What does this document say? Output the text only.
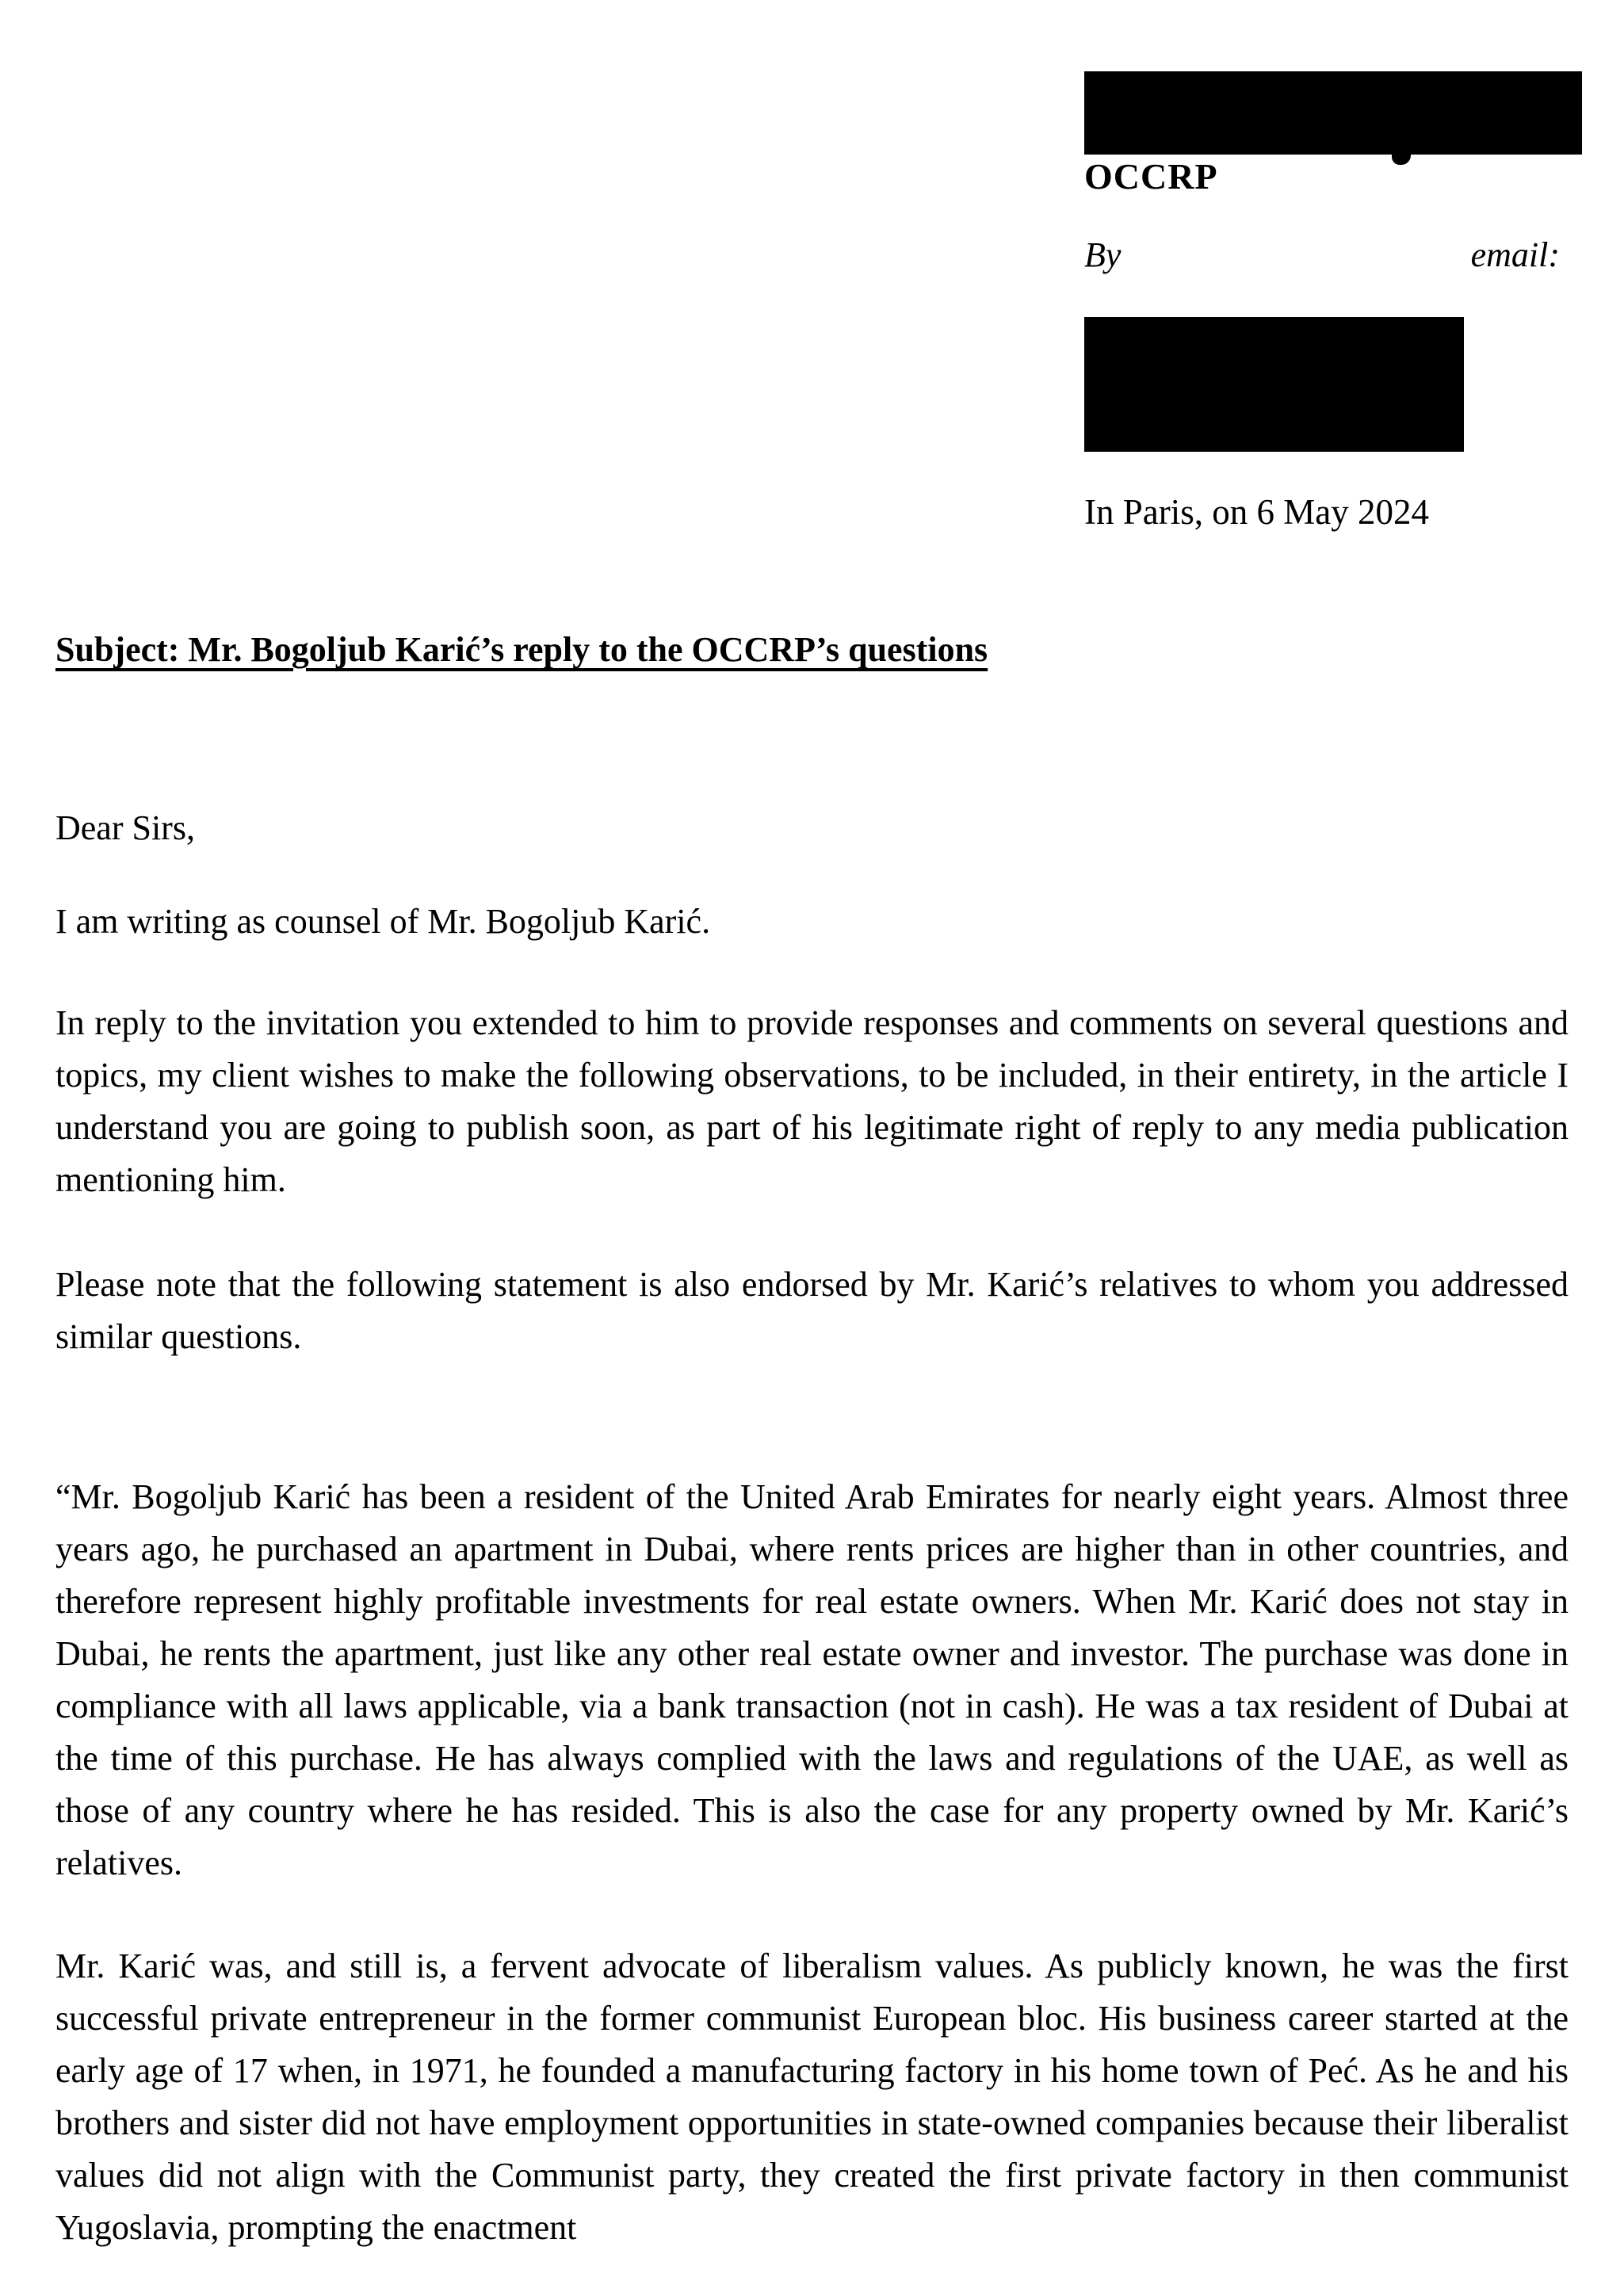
OCCRP
By	email:
In Paris, on 6 May 2024
Subject: Mr. Bogoljub Karić’s reply to the OCCRP’s questions

Dear Sirs,

I am writing as counsel of Mr. Bogoljub Karić.

In reply to the invitation you extended to him to provide responses and comments on several questions and topics, my client wishes to make the following observations, to be included, in their entirety, in the article I understand you are going to publish soon, as part of his legitimate right of reply to any media publication mentioning him.

Please note that the following statement is also endorsed by Mr. Karić’s relatives to whom you addressed similar questions.

“Mr. Bogoljub Karić has been a resident of the United Arab Emirates for nearly eight years. Almost three years ago, he purchased an apartment in Dubai, where rents prices are higher than in other countries, and therefore represent highly profitable investments for real estate owners. When Mr. Karić does not stay in Dubai, he rents the apartment, just like any other real estate owner and investor. The purchase was done in compliance with all laws applicable, via a bank transaction (not in cash). He was a tax resident of Dubai at the time of this purchase. He has always complied with the laws and regulations of the UAE, as well as those of any country where he has resided. This is also the case for any property owned by Mr. Karić’s relatives.

Mr. Karić was, and still is, a fervent advocate of liberalism values. As publicly known, he was the first successful private entrepreneur in the former communist European bloc. His business career started at the early age of 17 when, in 1971, he founded a manufacturing factory in his home town of Peć. As he and his brothers and sister did not have employment opportunities in state-owned companies because their liberalist values did not align with the Communist party, they created the first private factory in then communist Yugoslavia, prompting the enactment
